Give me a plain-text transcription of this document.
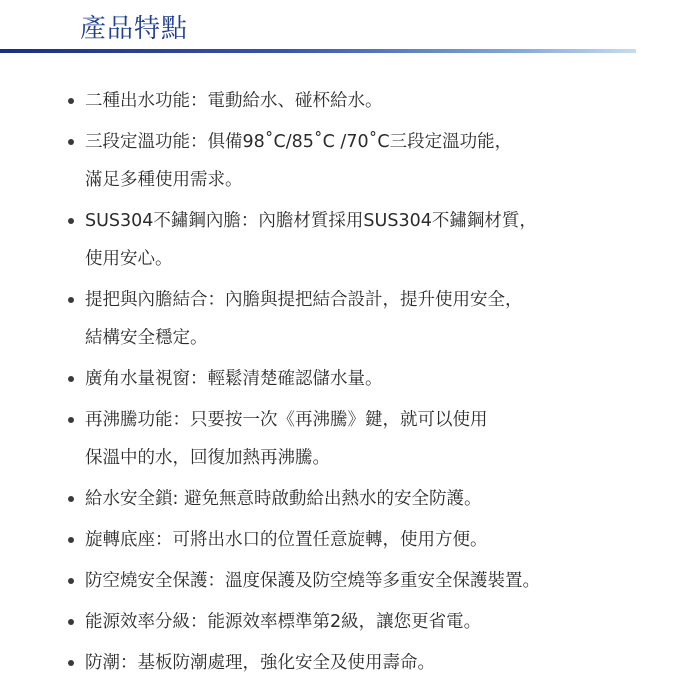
產品特點
二種出水功能：電動給水、碰杯給水。
三段定溫功能：俱備98˚C/85˚C /70˚C三段定溫功能，
滿足多種使用需求。
SUS304不鏽鋼內膽：內膽材質採用SUS304不鏽鋼材質，
使用安心。
提把與內膽結合：內膽與提把結合設計，提升使用安全，
結構安全穩定。
廣角水量視窗：輕鬆清楚確認儲水量。
再沸騰功能：只要按一次《再沸騰》鍵，就可以使用
保溫中的水，回復加熱再沸騰。
給水安全鎖: 避免無意時啟動給出熱水的安全防護。
旋轉底座：可將出水口的位置任意旋轉，使用方便。
防空燒安全保護：溫度保護及防空燒等多重安全保護裝置。
能源效率分級：能源效率標準第2級，讓您更省電。
防潮：基板防潮處理，強化安全及使用壽命。
